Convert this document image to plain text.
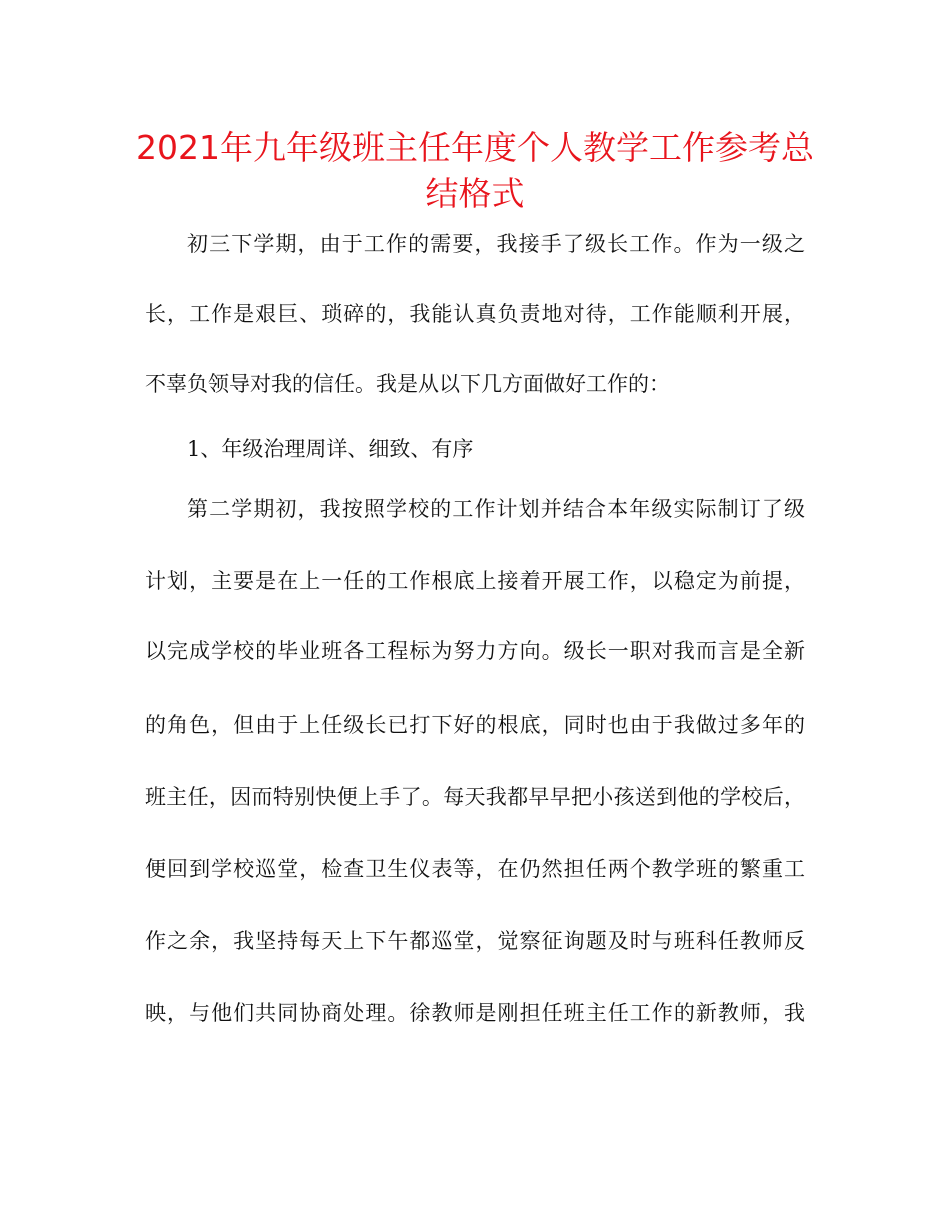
2021年九年级班主任年度个人教学工作参考总
结格式
初三下学期，由于工作的需要，我接手了级长工作。作为一级之
长，工作是艰巨、琐碎的，我能认真负责地对待，工作能顺利开展，
不辜负领导对我的信任。我是从以下几方面做好工作的：
1、年级治理周详、细致、有序
第二学期初，我按照学校的工作计划并结合本年级实际制订了级
计划，主要是在上一任的工作根底上接着开展工作，以稳定为前提，
以完成学校的毕业班各工程标为努力方向。级长一职对我而言是全新
的角色，但由于上任级长已打下好的根底，同时也由于我做过多年的
班主任，因而特别快便上手了。每天我都早早把小孩送到他的学校后，
便回到学校巡堂，检查卫生仪表等，在仍然担任两个教学班的繁重工
作之余，我坚持每天上下午都巡堂，觉察征询题及时与班科任教师反
映，与他们共同协商处理。徐教师是刚担任班主任工作的新教师，我
